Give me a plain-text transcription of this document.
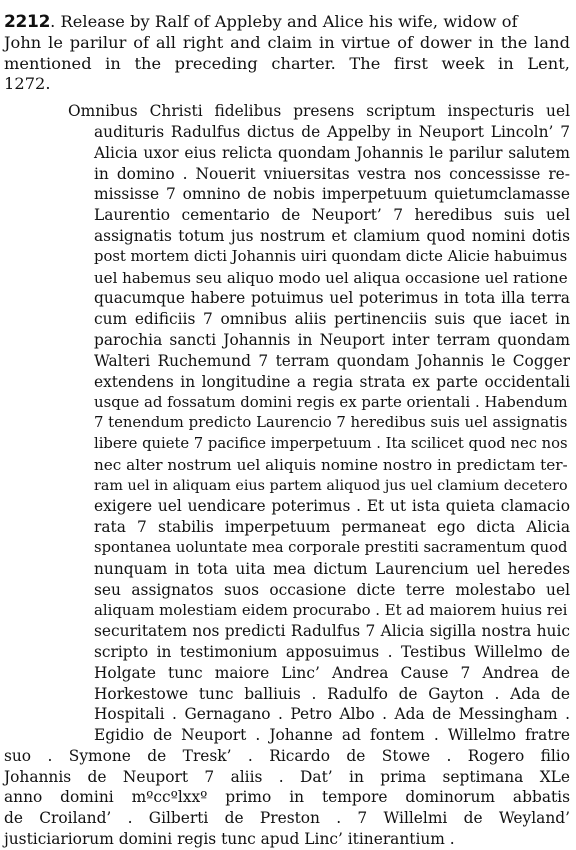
2212. Release by Ralf of Appleby and Alice his wife, widow of
John le parilur of all right and claim in virtue of dower in the land
mentioned in the preceding charter. The first week in Lent,
1272.
Omnibus Christi fidelibus presens scriptum inspecturis uel
audituris Radulfus dictus de Appelby in Neuport Lincoln’ 7
Alicia uxor eius relicta quondam Johannis le parilur salutem
in domino . Nouerit vniuersitas vestra nos concessisse re-
mississe 7 omnino de nobis imperpetuum quietumclamasse
Laurentio cementario de Neuport’ 7 heredibus suis uel
assignatis totum jus nostrum et clamium quod nomini dotis
post mortem dicti Johannis uiri quondam dicte Alicie habuimus
uel habemus seu aliquo modo uel aliqua occasione uel ratione
quacumque habere potuimus uel poterimus in tota illa terra
cum edificiis 7 omnibus aliis pertinenciis suis que iacet in
parochia sancti Johannis in Neuport inter terram quondam
Walteri Ruchemund 7 terram quondam Johannis le Cogger
extendens in longitudine a regia strata ex parte occidentali
usque ad fossatum domini regis ex parte orientali . Habendum
7 tenendum predicto Laurencio 7 heredibus suis uel assignatis
libere quiete 7 pacifice imperpetuum . Ita scilicet quod nec nos
nec alter nostrum uel aliquis nomine nostro in predictam ter-
ram uel in aliquam eius partem aliquod jus uel clamium decetero
exigere uel uendicare poterimus . Et ut ista quieta clamacio
rata 7 stabilis imperpetuum permaneat ego dicta Alicia
spontanea uoluntate mea corporale prestiti sacramentum quod
nunquam in tota uita mea dictum Laurencium uel heredes
seu assignatos suos occasione dicte terre molestabo uel
aliquam molestiam eidem procurabo . Et ad maiorem huius rei
securitatem nos predicti Radulfus 7 Alicia sigilla nostra huic
scripto in testimonium apposuimus . Testibus Willelmo de
Holgate tunc maiore Linc’ Andrea Cause 7 Andrea de
Horkestowe tunc balliuis . Radulfo de Gayton . Ada de
Hospitali . Gernagano . Petro Albo . Ada de Messingham .
Egidio de Neuport . Johanne ad fontem . Willelmo fratre
suo . Symone de Tresk’ . Ricardo de Stowe . Rogero filio
Johannis de Neuport 7 aliis . Dat’ in prima septimana XLe
anno domini mºccºlxxº primo in tempore dominorum abbatis
de Croiland’ . Gilberti de Preston . 7 Willelmi de Weyland’
justiciariorum domini regis tunc apud Linc’ itinerantium .
